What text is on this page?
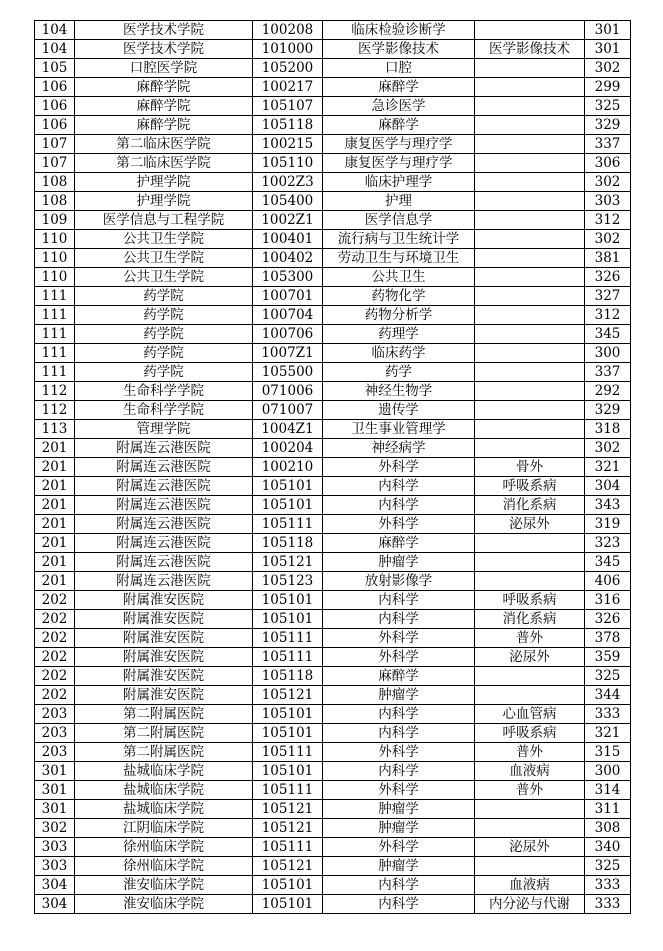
104	医学技术学院	100208	临床检验诊断学		301
104	医学技术学院	101000	医学影像技术	医学影像技术	301
105	口腔医学院	105200	口腔		302
106	麻醉学院	100217	麻醉学		299
106	麻醉学院	105107	急诊医学		325
106	麻醉学院	105118	麻醉学		329
107	第二临床医学院	100215	康复医学与理疗学		337
107	第二临床医学院	105110	康复医学与理疗学		306
108	护理学院	1002Z3	临床护理学		302
108	护理学院	105400	护理		303
109	医学信息与工程学院	1002Z1	医学信息学		312
110	公共卫生学院	100401	流行病与卫生统计学		302
110	公共卫生学院	100402	劳动卫生与环境卫生		381
110	公共卫生学院	105300	公共卫生		326
111	药学院	100701	药物化学		327
111	药学院	100704	药物分析学		312
111	药学院	100706	药理学		345
111	药学院	1007Z1	临床药学		300
111	药学院	105500	药学		337
112	生命科学学院	071006	神经生物学		292
112	生命科学学院	071007	遗传学		329
113	管理学院	1004Z1	卫生事业管理学		318
201	附属连云港医院	100204	神经病学		302
201	附属连云港医院	100210	外科学	骨外	321
201	附属连云港医院	105101	内科学	呼吸系病	304
201	附属连云港医院	105101	内科学	消化系病	343
201	附属连云港医院	105111	外科学	泌尿外	319
201	附属连云港医院	105118	麻醉学		323
201	附属连云港医院	105121	肿瘤学		345
201	附属连云港医院	105123	放射影像学		406
202	附属淮安医院	105101	内科学	呼吸系病	316
202	附属淮安医院	105101	内科学	消化系病	326
202	附属淮安医院	105111	外科学	普外	378
202	附属淮安医院	105111	外科学	泌尿外	359
202	附属淮安医院	105118	麻醉学		325
202	附属淮安医院	105121	肿瘤学		344
203	第二附属医院	105101	内科学	心血管病	333
203	第二附属医院	105101	内科学	呼吸系病	321
203	第二附属医院	105111	外科学	普外	315
301	盐城临床学院	105101	内科学	血液病	300
301	盐城临床学院	105111	外科学	普外	314
301	盐城临床学院	105121	肿瘤学		311
302	江阴临床学院	105121	肿瘤学		308
303	徐州临床学院	105111	外科学	泌尿外	340
303	徐州临床学院	105121	肿瘤学		325
304	淮安临床学院	105101	内科学	血液病	333
304	淮安临床学院	105101	内科学	内分泌与代谢	333
